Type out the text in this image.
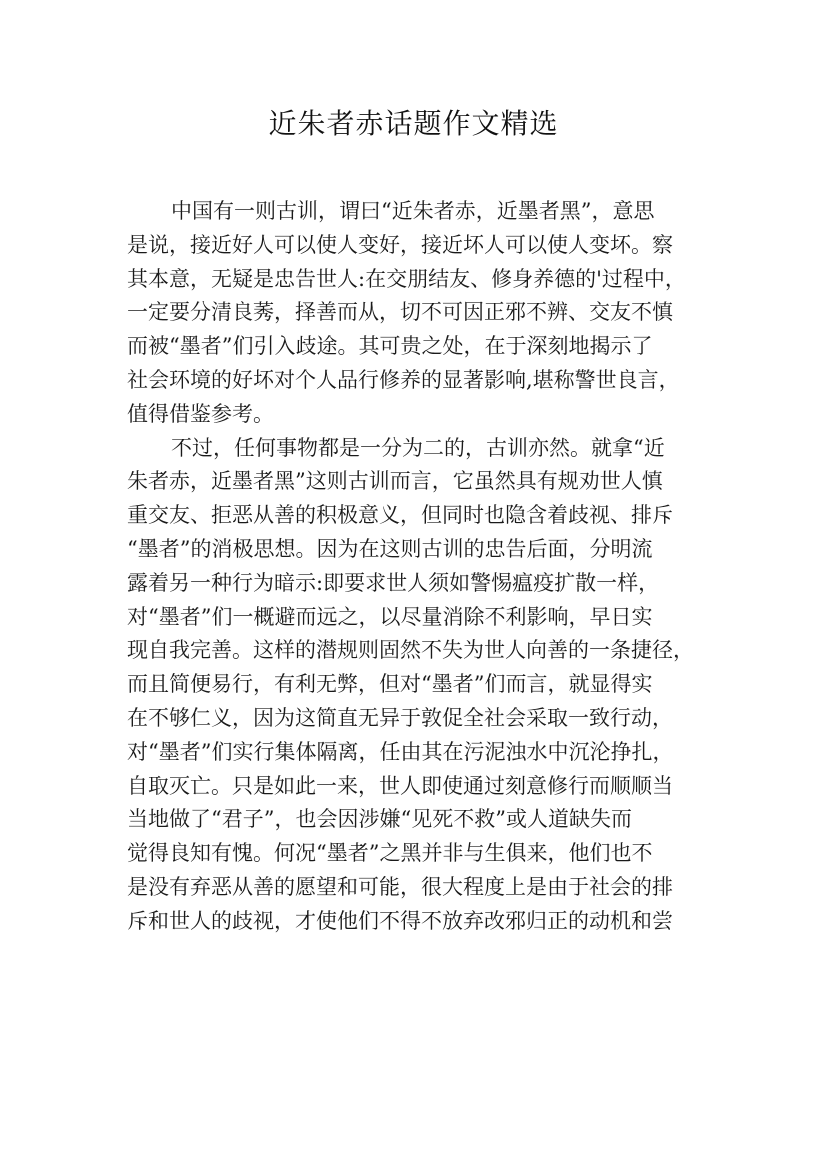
近朱者赤话题作文精选
中国有一则古训，谓曰“近朱者赤，近墨者黑”，意思
是说，接近好人可以使人变好，接近坏人可以使人变坏。察
其本意，无疑是忠告世人:在交朋结友、修身养德的'过程中，
一定要分清良莠，择善而从，切不可因正邪不辨、交友不慎
而被“墨者”们引入歧途。其可贵之处，在于深刻地揭示了
社会环境的好坏对个人品行修养的显著影响,堪称警世良言，
值得借鉴参考。
不过，任何事物都是一分为二的，古训亦然。就拿“近
朱者赤，近墨者黑”这则古训而言，它虽然具有规劝世人慎
重交友、拒恶从善的积极意义，但同时也隐含着歧视、排斥
“墨者”的消极思想。因为在这则古训的忠告后面，分明流
露着另一种行为暗示:即要求世人须如警惕瘟疫扩散一样，
对“墨者”们一概避而远之，以尽量消除不利影响，早日实
现自我完善。这样的潜规则固然不失为世人向善的一条捷径，
而且简便易行，有利无弊，但对“墨者”们而言，就显得实
在不够仁义，因为这简直无异于敦促全社会采取一致行动，
对“墨者”们实行集体隔离，任由其在污泥浊水中沉沦挣扎，
自取灭亡。只是如此一来，世人即使通过刻意修行而顺顺当
当地做了“君子”，也会因涉嫌“见死不救”或人道缺失而
觉得良知有愧。何况“墨者”之黑并非与生俱来，他们也不
是没有弃恶从善的愿望和可能，很大程度上是由于社会的排
斥和世人的歧视，才使他们不得不放弃改邪归正的动机和尝
